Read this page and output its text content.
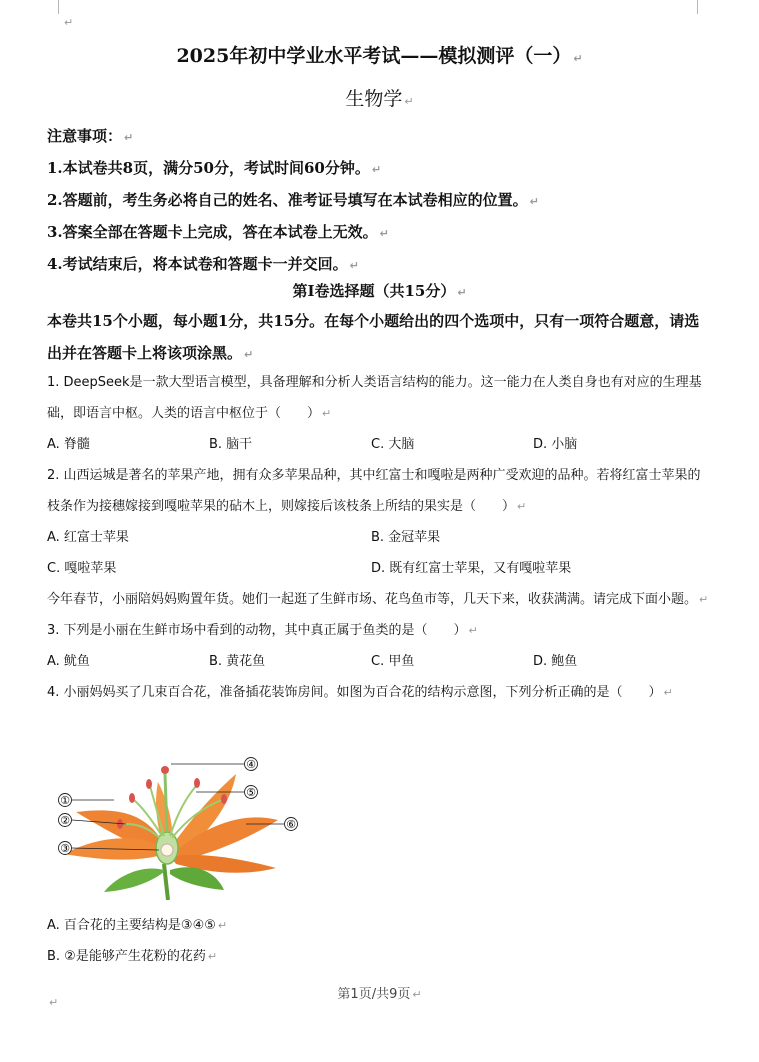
↵
2025年初中学业水平考试——模拟测评（一） ↵
生物学 ↵
注意事项： ↵
1.本试卷共8页，满分50分，考试时间60分钟。 ↵
2.答题前，考生务必将自己的姓名、准考证号填写在本试卷相应的位置。 ↵
3.答案全部在答题卡上完成，答在本试卷上无效。 ↵
4.考试结束后，将本试卷和答题卡一并交回。 ↵
第Ⅰ卷选择题（共15分） ↵
本卷共15个小题，每小题1分，共15分。在每个小题给出的四个选项中，只有一项符合题意，请选出并在答题卡上将该项涂黑。 ↵
1. DeepSeek是一款大型语言模型，具备理解和分析人类语言结构的能力。这一能力在人类自身也有对应的生理基础，即语言中枢。人类的语言中枢位于（　　） ↵
A. 脊髓	B. 脑干	C. 大脑	D. 小脑
2. 山西运城是著名的苹果产地，拥有众多苹果品种，其中红富士和嘎啦是两种广受欢迎的品种。若将红富士苹果的枝条作为接穗嫁接到嘎啦苹果的砧木上，则嫁接后该枝条上所结的果实是（　　） ↵
A. 红富士苹果	B. 金冠苹果
C. 嘎啦苹果	D. 既有红富士苹果，又有嘎啦苹果
今年春节，小丽陪妈妈购置年货。她们一起逛了生鲜市场、花鸟鱼市等，几天下来，收获满满。请完成下面小题。 ↵
3. 下列是小丽在生鲜市场中看到的动物，其中真正属于鱼类的是（　　） ↵
A. 鱿鱼	B. 黄花鱼	C. 甲鱼	D. 鲍鱼
4. 小丽妈妈买了几束百合花，准备插花装饰房间。如图为百合花的结构示意图，下列分析正确的是（　　） ↵
①
②
③
④
⑤
⑥
A. 百合花的主要结构是③④⑤ ↵
B. ②是能够产生花粉的花药 ↵
第1页/共9页 ↵
↵
